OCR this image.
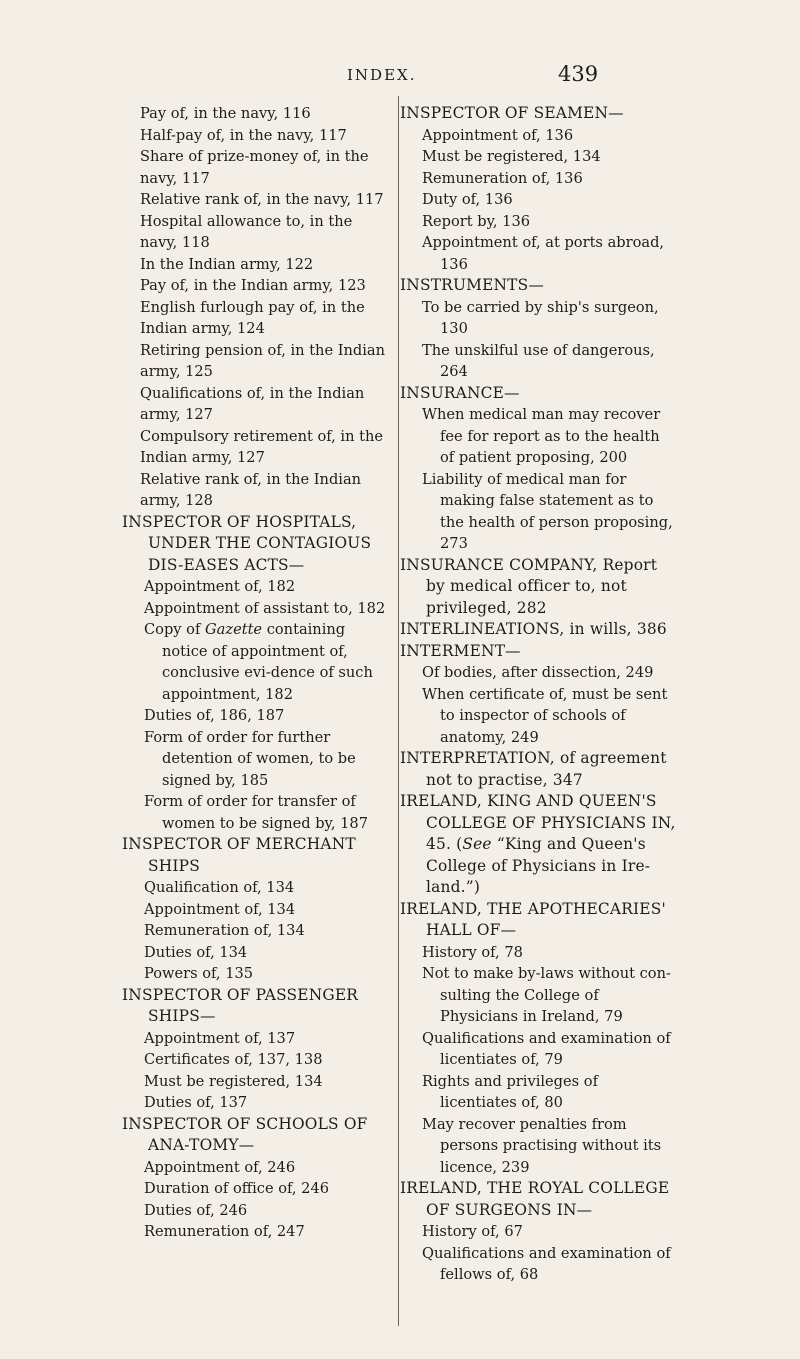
INDEX.	439

Pay of, in the navy, 116

Half-pay of, in the navy, 117

Share of prize-money of, in the navy, 117

Relative rank of, in the navy, 117

Hospital allowance to, in the navy, 118

In the Indian army, 122

Pay of, in the Indian army, 123

English furlough pay of, in the Indian army, 124

Retiring pension of, in the Indian army, 125

Qualifications of, in the Indian army, 127

Compulsory retirement of, in the Indian army, 127

Relative rank of, in the Indian army, 128

INSPECTOR OF HOSPITALS, UNDER THE CONTAGIOUS DIS-EASES ACTS—

Appointment of, 182

Appointment of assistant to, 182

Copy of Gazette containing notice of appointment of, conclusive evi-dence of such appointment, 182

Duties of, 186, 187

Form of order for further detention of women, to be signed by, 185

Form of order for transfer of women to be signed by, 187

INSPECTOR OF MERCHANT SHIPS

Qualification of, 134

Appointment of, 134

Remuneration of, 134

Duties of, 134

Powers of, 135

INSPECTOR OF PASSENGER SHIPS—

Appointment of, 137

Certificates of, 137, 138

Must be registered, 134

Duties of, 137

INSPECTOR OF SCHOOLS OF ANA-TOMY—

Appointment of, 246

Duration of office of, 246

Duties of, 246

Remuneration of, 247

INSPECTOR OF SEAMEN—

Appointment of, 136

Must be registered, 134

Remuneration of, 136

Duty of, 136

Report by, 136

Appointment of, at ports abroad, 136

INSTRUMENTS—

To be carried by ship's surgeon, 130

The unskilful use of dangerous, 264

INSURANCE—

When medical man may recover fee for report as to the health of patient proposing, 200

Liability of medical man for making false statement as to the health of person proposing, 273

INSURANCE COMPANY, Report by medical officer to, not privileged, 282

INTERLINEATIONS, in wills, 386

INTERMENT—

Of bodies, after dissection, 249

When certificate of, must be sent to inspector of schools of anatomy, 249

INTERPRETATION, of agreement not to practise, 347

IRELAND, KING AND QUEEN'S COLLEGE OF PHYSICIANS IN, 45. (See “King and Queen's College of Physicians in Ire-land.”)

IRELAND, THE APOTHECARIES' HALL OF—

History of, 78

Not to make by-laws without con-sulting the College of Physicians in Ireland, 79

Qualifications and examination of licentiates of, 79

Rights and privileges of licentiates of, 80

May recover penalties from persons practising without its licence, 239

IRELAND, THE ROYAL COLLEGE OF SURGEONS IN—

History of, 67

Qualifications and examination of fellows of, 68
